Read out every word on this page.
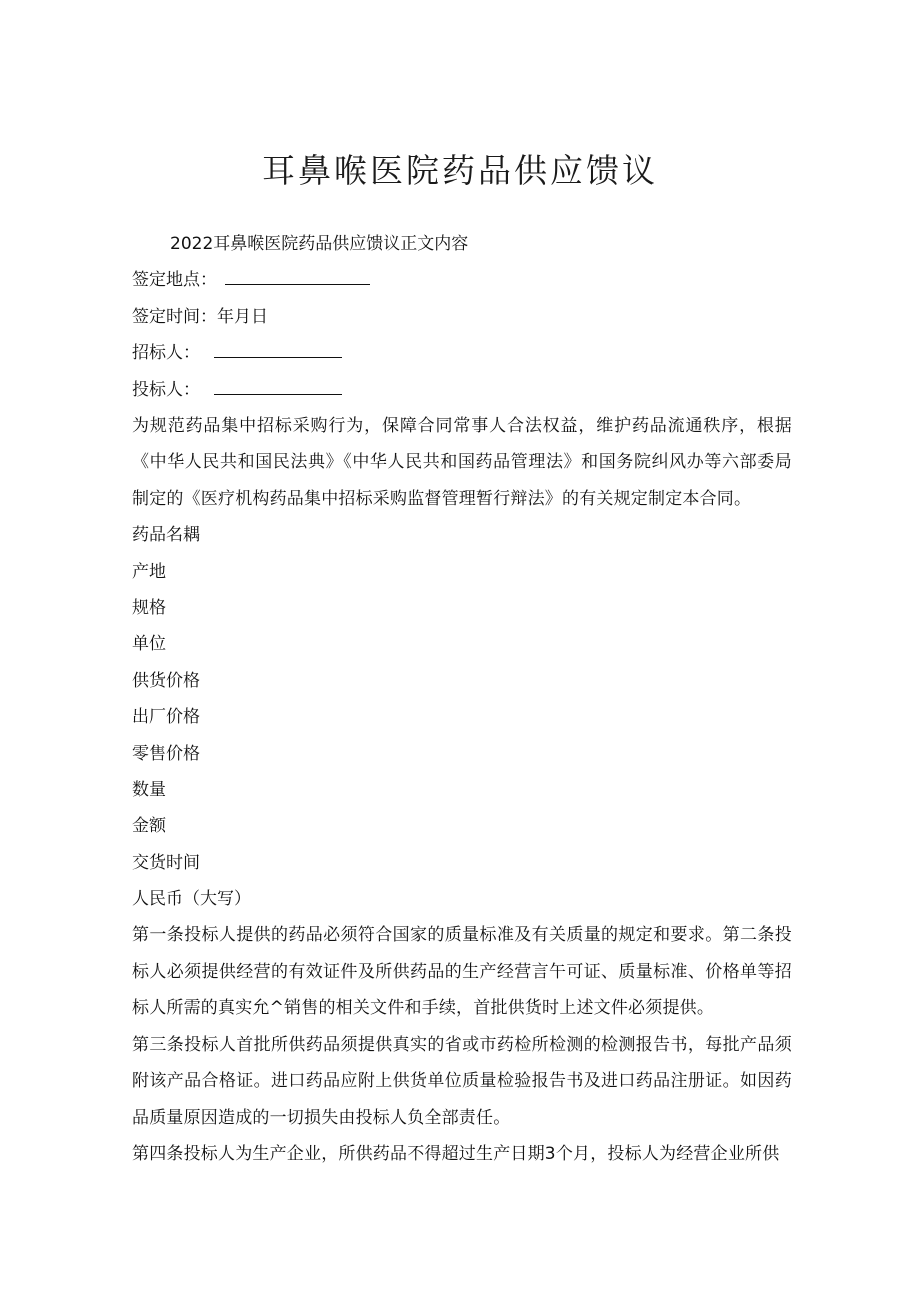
耳鼻喉医院药品供应馈议
2022耳鼻喉医院药品供应馈议正文内容
签定地点：
签定时间：年月日
招标人：
投标人：
为规范药品集中招标采购行为，保障合同常事人合法权益，维护药品流通秩序，根据《中华人民共和国民法典》《中华人民共和国药品管理法》和国务院纠风办等六部委局制定的《医疗机构药品集中招标采购监督管理暂行辩法》的有关规定制定本合同。
药品名耦
产地
规格
单位
供货价格
出厂价格
零售价格
数量
金额
交货时间
人民币（大写）
第一条投标人提供的药品必须符合国家的质量标准及有关质量的规定和要求。第二条投标人必须提供经营的有效证件及所供药品的生产经营言午可证、质量标准、价格单等招标人所需的真实允^销售的相关文件和手续，首批供货时上述文件必须提供。
第三条投标人首批所供药品须提供真实的省或市药检所检测的检测报告书，每批产品须附该产品合格证。进口药品应附上供货单位质量检验报告书及进口药品注册证。如因药品质量原因造成的一切损失由投标人负全部责任。
第四条投标人为生产企业，所供药品不得超过生产日期3个月，投标人为经营企业所供
